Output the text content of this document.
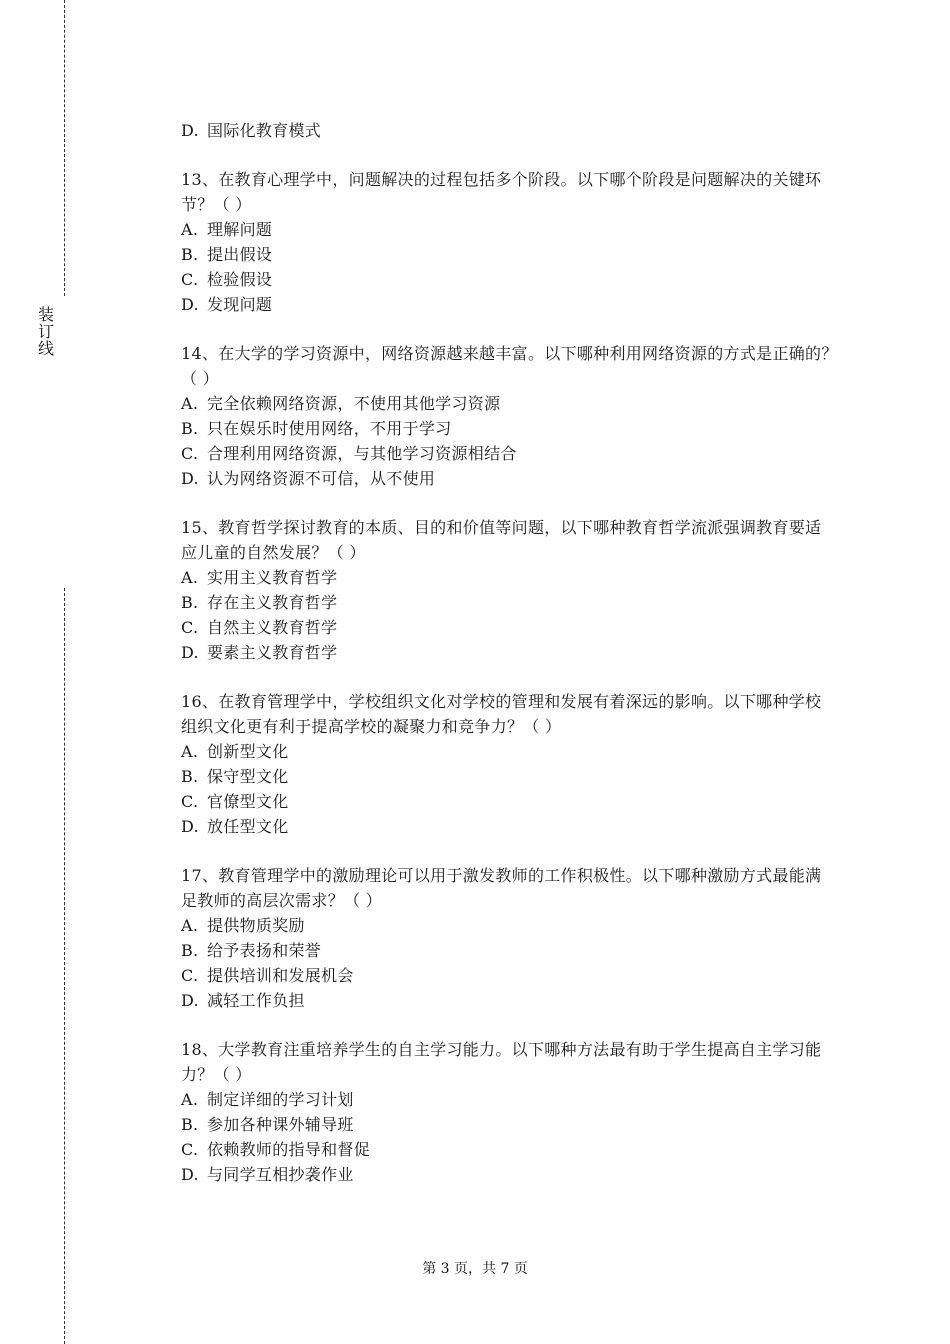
装
订
线
D. 国际化教育模式
13、在教育心理学中，问题解决的过程包括多个阶段。以下哪个阶段是问题解决的关键环
节？（ ）
A. 理解问题
B. 提出假设
C. 检验假设
D. 发现问题
14、在大学的学习资源中，网络资源越来越丰富。以下哪种利用网络资源的方式是正确的？
（ ）
A. 完全依赖网络资源，不使用其他学习资源
B. 只在娱乐时使用网络，不用于学习
C. 合理利用网络资源，与其他学习资源相结合
D. 认为网络资源不可信，从不使用
15、教育哲学探讨教育的本质、目的和价值等问题，以下哪种教育哲学流派强调教育要适
应儿童的自然发展？（ ）
A. 实用主义教育哲学
B. 存在主义教育哲学
C. 自然主义教育哲学
D. 要素主义教育哲学
16、在教育管理学中，学校组织文化对学校的管理和发展有着深远的影响。以下哪种学校
组织文化更有利于提高学校的凝聚力和竞争力？（ ）
A. 创新型文化
B. 保守型文化
C. 官僚型文化
D. 放任型文化
17、教育管理学中的激励理论可以用于激发教师的工作积极性。以下哪种激励方式最能满
足教师的高层次需求？（ ）
A. 提供物质奖励
B. 给予表扬和荣誉
C. 提供培训和发展机会
D. 减轻工作负担
18、大学教育注重培养学生的自主学习能力。以下哪种方法最有助于学生提高自主学习能
力？（ ）
A. 制定详细的学习计划
B. 参加各种课外辅导班
C. 依赖教师的指导和督促
D. 与同学互相抄袭作业
第 3 页，共 7 页
